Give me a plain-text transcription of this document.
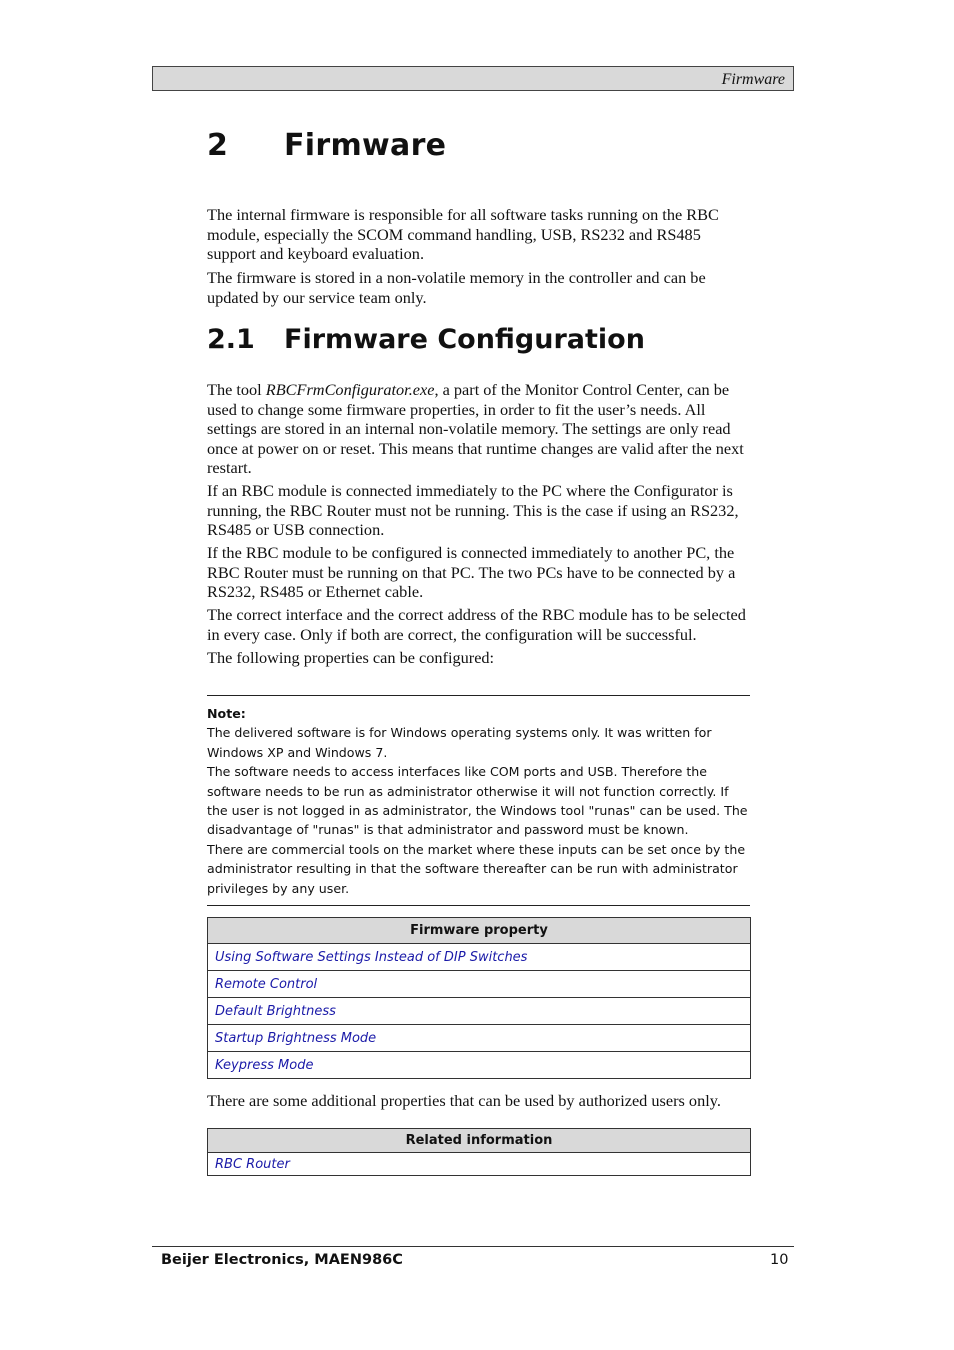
Firmware
2 Firmware
The internal firmware is responsible for all software tasks running on the RBC module, especially the SCOM command handling, USB, RS232 and RS485 support and keyboard evaluation.
The firmware is stored in a non-volatile memory in the controller and can be updated by our service team only.
2.1 Firmware Configuration
The tool RBCFrmConfigurator.exe, a part of the Monitor Control Center, can be used to change some firmware properties, in order to fit the user’s needs. All settings are stored in an internal non-volatile memory. The settings are only read once at power on or reset. This means that runtime changes are valid after the next restart.
If an RBC module is connected immediately to the PC where the Configurator is running, the RBC Router must not be running. This is the case if using an RS232, RS485 or USB connection.
If the RBC module to be configured is connected immediately to another PC, the RBC Router must be running on that PC. The two PCs have to be connected by a RS232, RS485 or Ethernet cable.
The correct interface and the correct address of the RBC module has to be selected in every case. Only if both are correct, the configuration will be successful.
The following properties can be configured:

Note:

The delivered software is for Windows operating systems only. It was written for Windows XP and Windows 7.

The software needs to access interfaces like COM ports and USB. Therefore the software needs to be run as administrator otherwise it will not function correctly. If the user is not logged in as administrator, the Windows tool "runas" can be used. The disadvantage of "runas" is that administrator and password must be known.

There are commercial tools on the market where these inputs can be set once by the administrator resulting in that the software thereafter can be run with administrator privileges by any user.

Firmware property
Using Software Settings Instead of DIP Switches
Remote Control
Default Brightness
Startup Brightness Mode
Keypress Mode
There are some additional properties that can be used by authorized users only.
Related information
RBC Router
Beijer Electronics, MAEN986C	10
